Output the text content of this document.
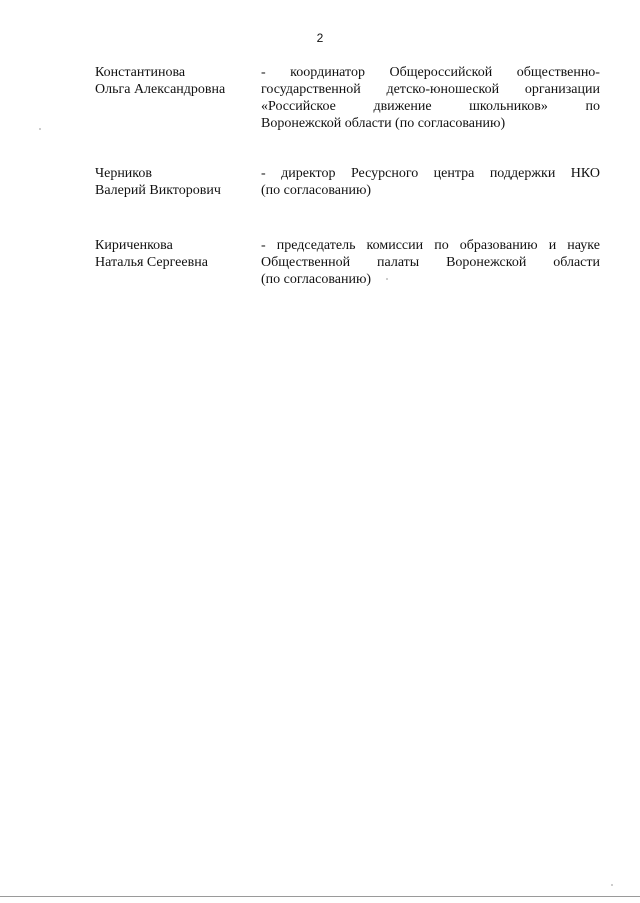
2
Константинова
Ольга Александровна
- координатор Общероссийской общественно-
государственной детско-юношеской организации
«Российское	движение	школьников»	по
Воронежской области (по согласованию)
Черников
Валерий Викторович
- директор Ресурсного центра поддержки НКО
(по согласованию)
Кириченкова
Наталья Сергеевна
- председатель комиссии по образованию и науке
Общественной палаты Воронежской области
(по согласованию)
